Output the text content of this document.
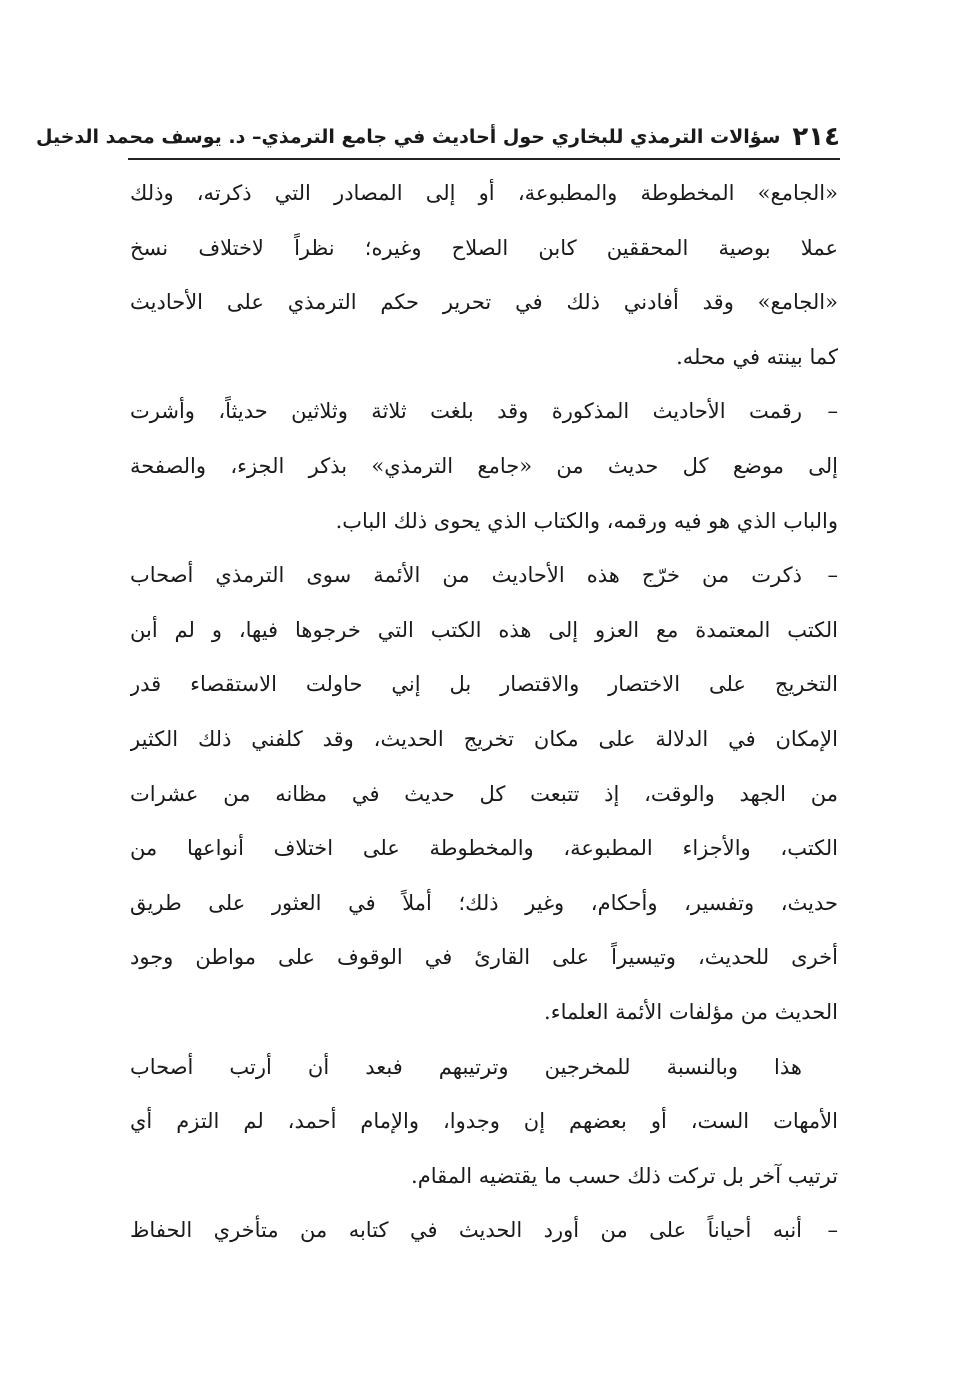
٢١٤
سؤالات الترمذي للبخاري حول أحاديث في جامع الترمذي– د. يوسف محمد الدخيل
«الجامع» المخطوطة والمطبوعة، أو إلى المصادر التي ذكرته، وذلك
عملا بوصية المحققين كابن الصلاح وغيره؛ نظراً لاختلاف نسخ
«الجامع» وقد أفادني ذلك في تحرير حكم الترمذي على الأحاديث
كما بينته في محله.
–رقمت الأحاديث المذكورة وقد بلغت ثلاثة وثلاثين حديثاً، وأشرت
إلى موضع كل حديث من «جامع الترمذي» بذكر الجزء، والصفحة
والباب الذي هو فيه ورقمه، والكتاب الذي يحوى ذلك الباب.
–ذكرت من خرّج هذه الأحاديث من الأئمة سوى الترمذي أصحاب
الكتب المعتمدة مع العزو إلى هذه الكتب التي خرجوها فيها، و لم أبن
التخريج على الاختصار والاقتصار بل إني حاولت الاستقصاء قدر
الإمكان في الدلالة على مكان تخريج الحديث، وقد كلفني ذلك الكثير
من الجهد والوقت، إذ تتبعت كل حديث في مظانه من عشرات
الكتب، والأجزاء المطبوعة، والمخطوطة على اختلاف أنواعها من
حديث، وتفسير، وأحكام، وغير ذلك؛ أملاً في العثور على طريق
أخرى للحديث، وتيسيراً على القارئ في الوقوف على مواطن وجود
الحديث من مؤلفات الأئمة العلماء.
هذا وبالنسبة للمخرجين وترتيبهم فبعد أن أرتب أصحاب
الأمهات الست، أو بعضهم إن وجدوا، والإمام أحمد، لم التزم أي
ترتيب آخر بل تركت ذلك حسب ما يقتضيه المقام.
–أنبه أحياناً على من أورد الحديث في كتابه من متأخري الحفاظ
